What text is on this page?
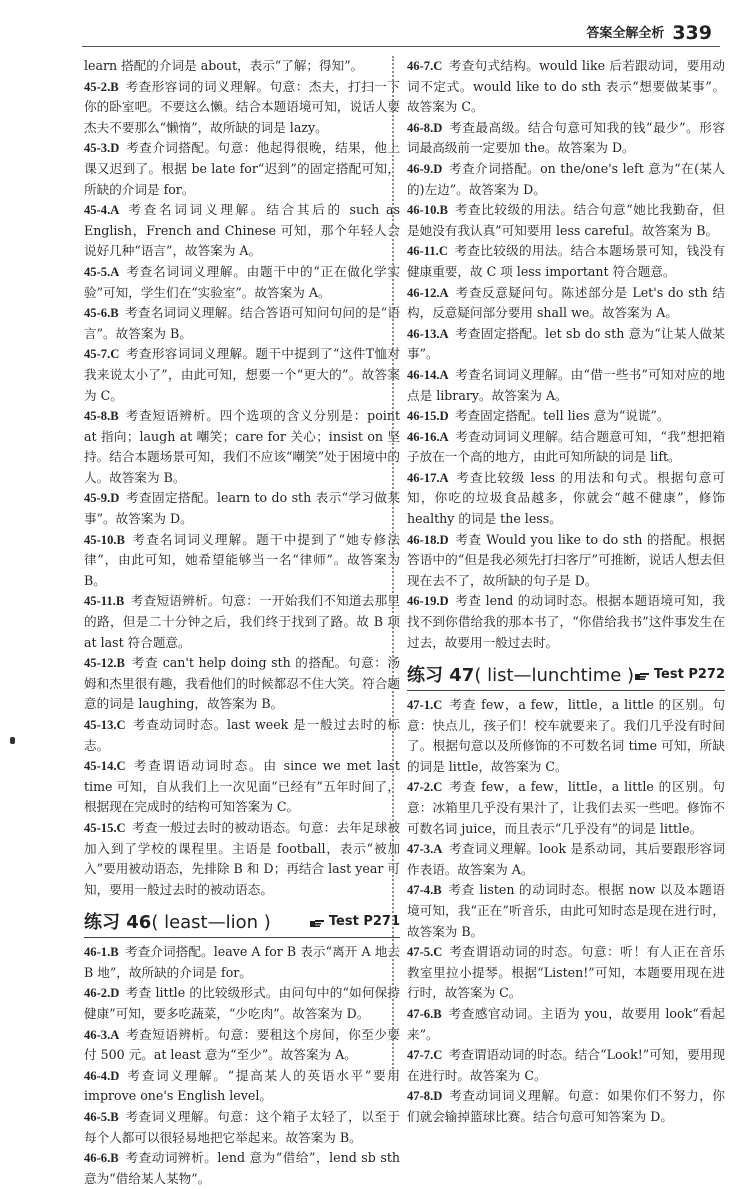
答案全解全析 339
learn 搭配的介词是 about，表示“了解；得知”。
45-2.B  考查形容词的词义理解。句意：杰夫，打扫一下你的卧室吧。不要这么懒。结合本题语境可知，说话人要杰夫不要那么“懒惰”，故所缺的词是 lazy。
45-3.D  考查介词搭配。句意：他起得很晚，结果，他上课又迟到了。根据 be late for“迟到”的固定搭配可知，所缺的介词是 for。
45-4.A  考查名词词义理解。结合其后的 such as English，French and Chinese 可知，那个年轻人会说好几种“语言”，故答案为 A。
45-5.A  考查名词词义理解。由题干中的“正在做化学实验”可知，学生们在“实验室”。故答案为 A。
45-6.B  考查名词词义理解。结合答语可知问句问的是“语言”。故答案为 B。
45-7.C  考查形容词词义理解。题干中提到了“这件T恤对我来说太小了”，由此可知，想要一个“更大的”。故答案为 C。
45-8.B  考查短语辨析。四个选项的含义分别是：point at 指向；laugh at 嘲笑；care for 关心；insist on 坚持。结合本题场景可知，我们不应该“嘲笑”处于困境中的人。故答案为 B。
45-9.D  考查固定搭配。learn to do sth 表示“学习做某事”。故答案为 D。
45-10.B  考查名词词义理解。题干中提到了“她专修法律”，由此可知，她希望能够当一名“律师”。故答案为 B。
45-11.B  考查短语辨析。句意：一开始我们不知道去那里的路，但是二十分钟之后，我们终于找到了路。故 B 项 at last 符合题意。
45-12.B  考查 can't help doing sth 的搭配。句意：汤姆和杰里很有趣，我看他们的时候都忍不住大笑。符合题意的词是 laughing，故答案为 B。
45-13.C  考查动词时态。last week 是一般过去时的标志。
45-14.C  考查谓语动词时态。由 since we met last time 可知，自从我们上一次见面“已经有”五年时间了，根据现在完成时的结构可知答案为 C。
45-15.C  考查一般过去时的被动语态。句意：去年足球被加入到了学校的课程里。主语是 football，表示“被加入”要用被动语态，先排除 B 和 D；再结合 last year 可知，要用一般过去时的被动语态。
练习 46 ( least—lion )	Test P271
46-1.B  考查介词搭配。leave A for B 表示“离开 A 地去 B 地”，故所缺的介词是 for。
46-2.D  考查 little 的比较级形式。由问句中的“如何保持健康”可知，要多吃蔬菜，“少吃肉”。故答案为 D。
46-3.A  考查短语辨析。句意：要租这个房间，你至少要付 500 元。at least 意为“至少”。故答案为 A。
46-4.D  考查词义理解。“提高某人的英语水平”要用 improve one's English level。
46-5.B  考查词义理解。句意：这个箱子太轻了，以至于每个人都可以很轻易地把它举起来。故答案为 B。
46-6.B  考查动词辨析。lend 意为“借给”，lend sb sth 意为“借给某人某物”。
46-7.C  考查句式结构。would like 后若跟动词，要用动词不定式。would like to do sth 表示“想要做某事”。故答案为 C。
46-8.D  考查最高级。结合句意可知我的钱“最少”。形容词最高级前一定要加 the。故答案为 D。
46-9.D  考查介词搭配。on the/one's left 意为“在(某人的)左边”。故答案为 D。
46-10.B  考查比较级的用法。结合句意“她比我勤奋，但是她没有我认真”可知要用 less careful。故答案为 B。
46-11.C  考查比较级的用法。结合本题场景可知，钱没有健康重要，故 C 项 less important 符合题意。
46-12.A  考查反意疑问句。陈述部分是 Let's do sth 结构，反意疑问部分要用 shall we。故答案为 A。
46-13.A  考查固定搭配。let sb do sth 意为“让某人做某事”。
46-14.A  考查名词词义理解。由“借一些书”可知对应的地点是 library。故答案为 A。
46-15.D  考查固定搭配。tell lies 意为“说谎”。
46-16.A  考查动词词义理解。结合题意可知，“我”想把箱子放在一个高的地方，由此可知所缺的词是 lift。
46-17.A  考查比较级 less 的用法和句式。根据句意可知，你吃的垃圾食品越多，你就会“越不健康”，修饰 healthy 的词是 the less。
46-18.D  考查 Would you like to do sth 的搭配。根据答语中的“但是我必须先打扫客厅”可推断，说话人想去但现在去不了，故所缺的句子是 D。
46-19.D  考查 lend 的动词时态。根据本题语境可知，我找不到你借给我的那本书了，“你借给我书”这件事发生在过去，故要用一般过去时。
练习 47 ( list—lunchtime ) Test P272
47-1.C  考查 few，a few，little，a little 的区别。句意：快点儿，孩子们！校车就要来了。我们几乎没有时间了。根据句意以及所修饰的不可数名词 time 可知，所缺的词是 little，故答案为 C。
47-2.C  考查 few，a few，little，a little 的区别。句意：冰箱里几乎没有果汁了，让我们去买一些吧。修饰不可数名词 juice，而且表示“几乎没有”的词是 little。
47-3.A  考查词义理解。look 是系动词，其后要跟形容词作表语。故答案为 A。
47-4.B  考查 listen 的动词时态。根据 now 以及本题语境可知，我“正在”听音乐，由此可知时态是现在进行时，故答案为 B。
47-5.C  考查谓语动词的时态。句意：听！有人正在音乐教室里拉小提琴。根据“Listen!”可知，本题要用现在进行时，故答案为 C。
47-6.B  考查感官动词。主语为 you，故要用 look“看起来”。
47-7.C  考查谓语动词的时态。结合“Look!”可知，要用现在进行时。故答案为 C。
47-8.D  考查动词词义理解。句意：如果你们不努力，你们就会输掉篮球比赛。结合句意可知答案为 D。
